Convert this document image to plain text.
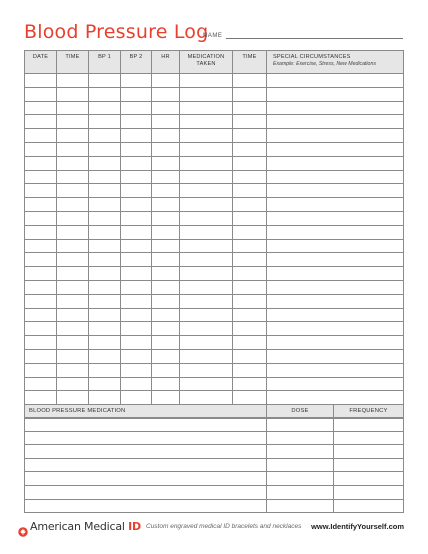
Blood Pressure Log
NAME
DATE	TIME	BP 1	BP 2	HR	MEDICATION TAKEN	TIME	SPECIAL CIRCUMSTANCES
Example: Exercise, Stress, New Medications

BLOOD PRESSURE MEDICATION	DOSE	FREQUENCY

American Medical ID Custom engraved medical ID bracelets and necklaces www.IdentifyYourself.com
